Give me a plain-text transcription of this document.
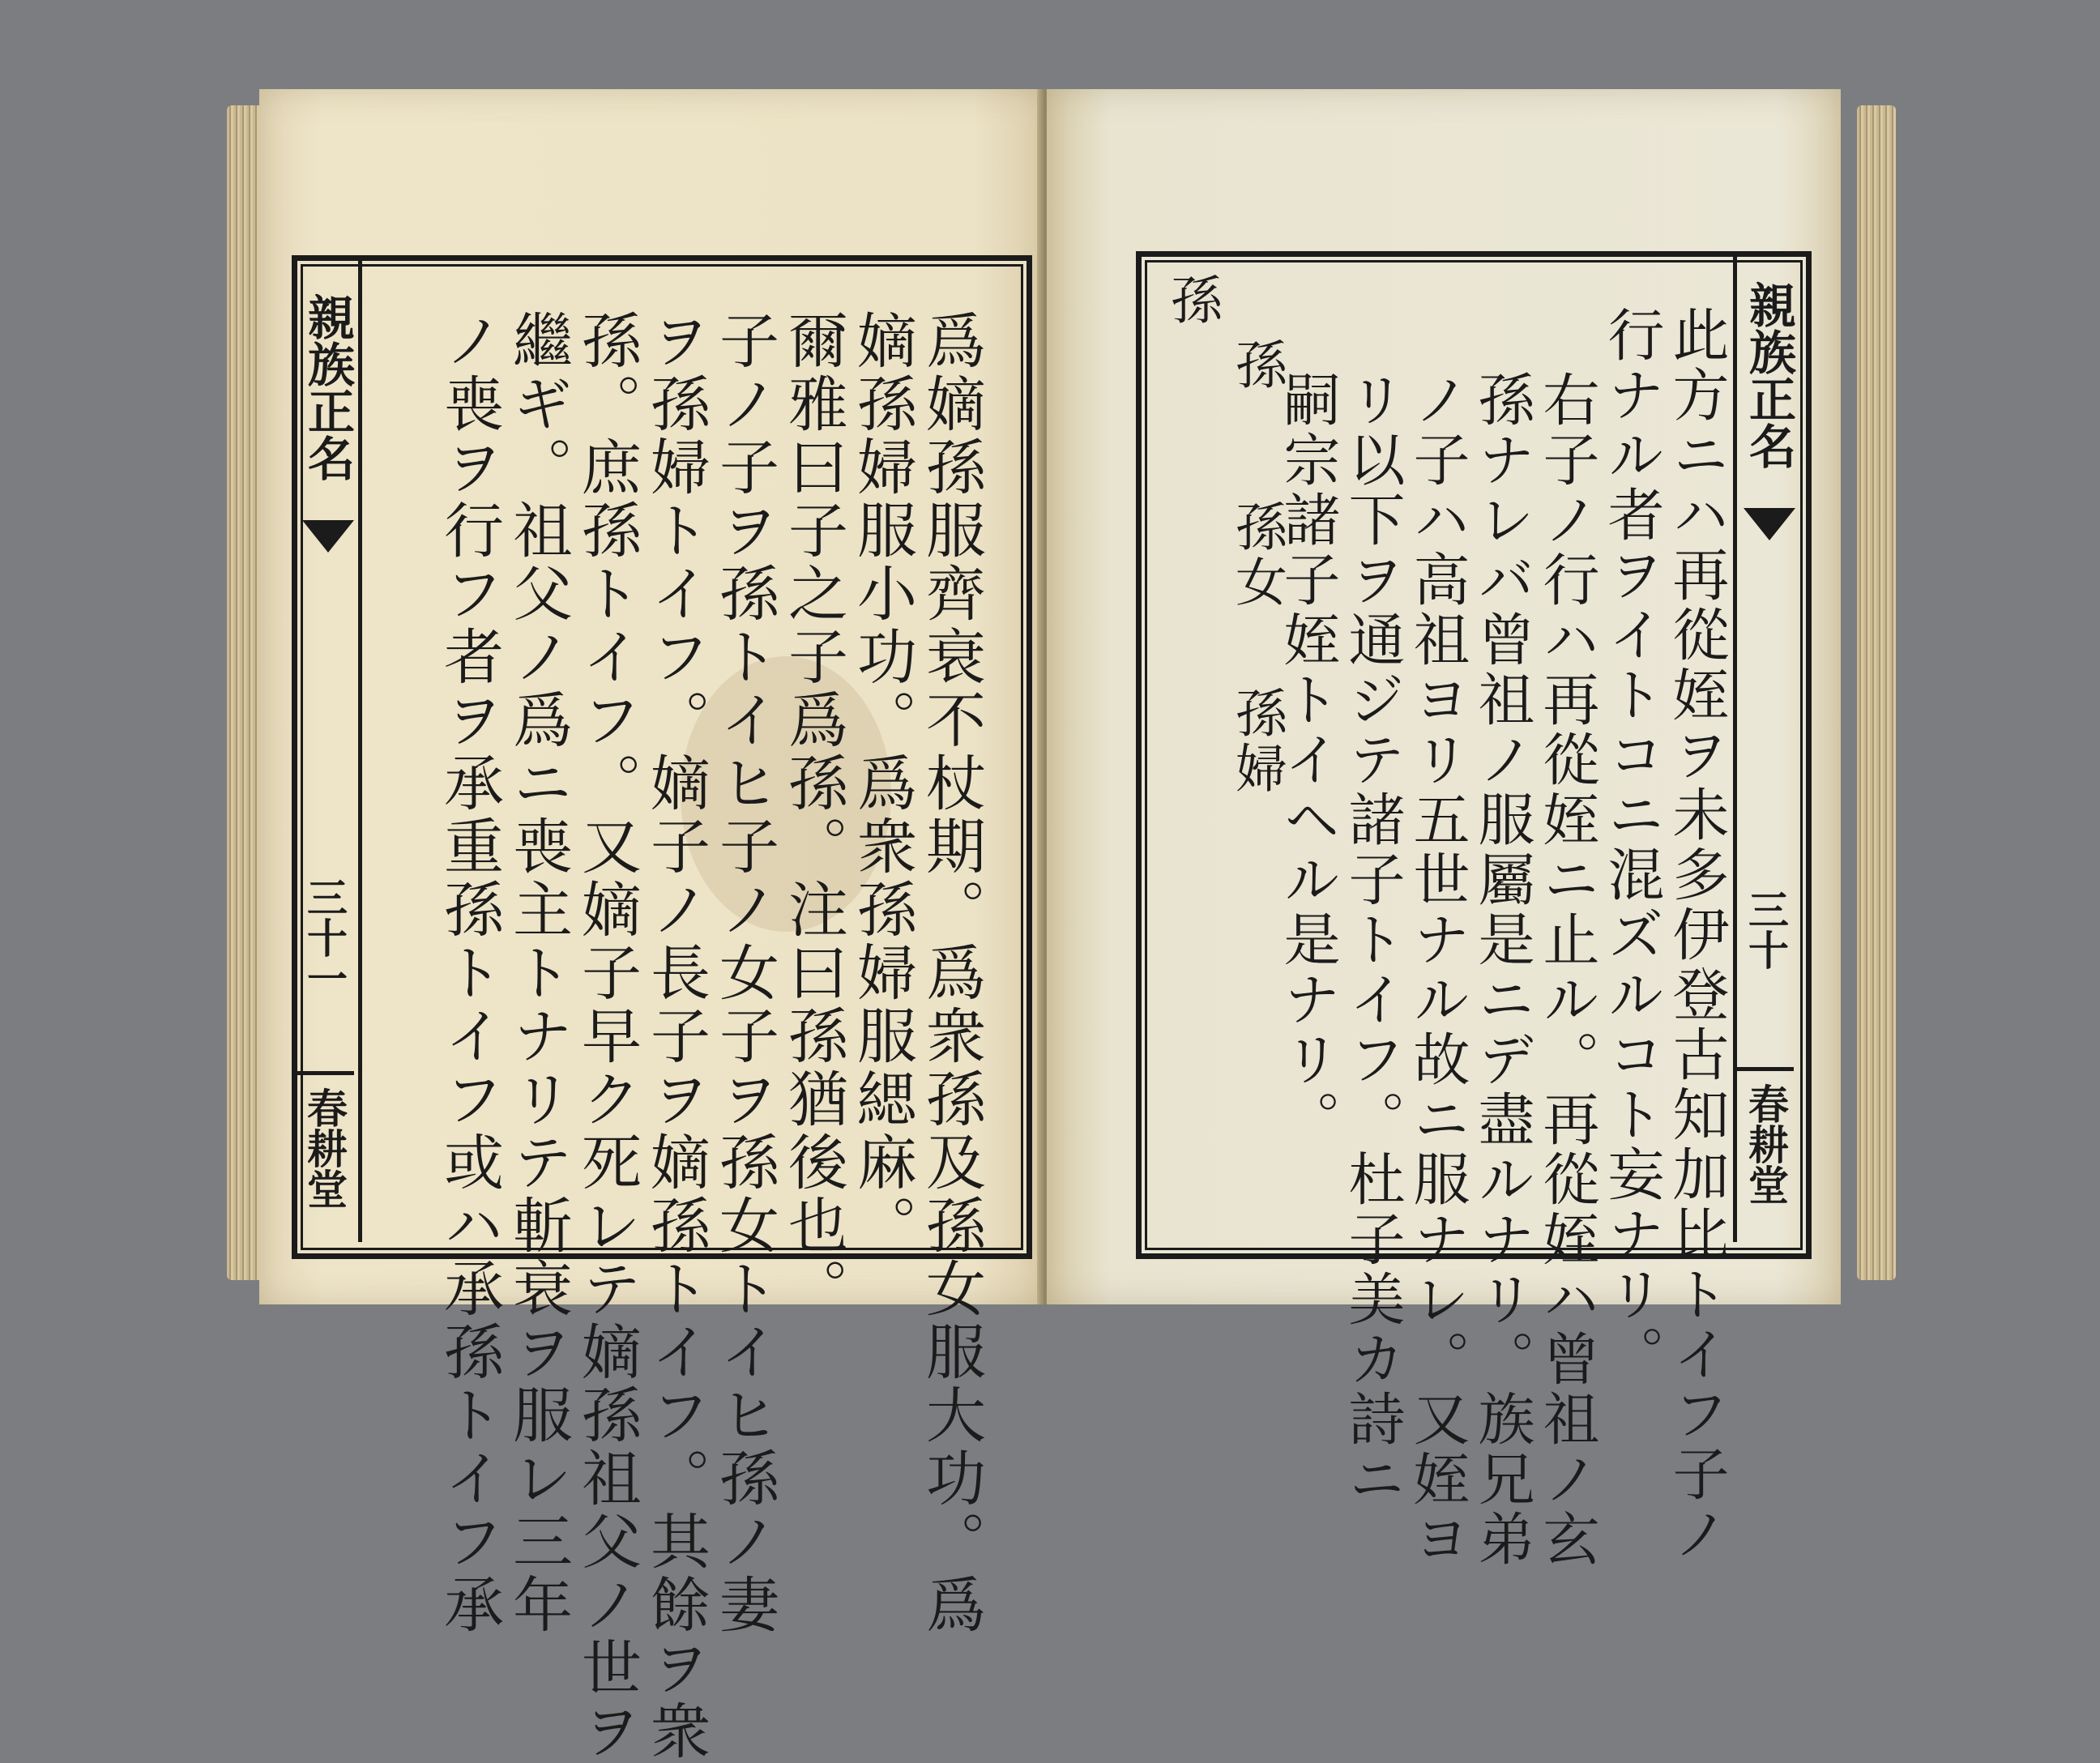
親族正名
三十一
春耕堂	爲嫡孫服齊衰不杖期。爲衆孫及孫女服大功。爲
嫡孫婦服小功。爲衆孫婦服緦麻。
爾雅曰子之子爲孫。注曰孫猶後也。
子ノ子ヲ孫トイヒ子ノ女子ヲ孫女トイヒ孫ノ妻
ヲ孫婦トイフ。嫡子ノ長子ヲ嫡孫トイフ。其餘ヲ衆
孫。庶孫トイフ。又嫡子早ク死レテ嫡孫祖父ノ世ヲ
繼ギ。祖父ノ爲ニ喪主トナリテ斬衰ヲ服レ三年
ノ喪ヲ行フ者ヲ承重孫トイフ或ハ承孫トイフ承
孫
孫
孫女
孫婦	此方ニハ再從姪ヲ未多伊登古知加比トイフ子ノ
行ナル者ヲイトコニ混ズルコト妄ナリ。
右子ノ行ハ再從姪ニ止ル。再從姪ハ曾祖ノ玄
孫ナレバ曾祖ノ服屬是ニデ盡ルナリ。族兄弟
ノ子ハ高祖ヨリ五世ナル故ニ服ナレ。又姪ヨ
リ以下ヲ通ジテ諸子トイフ。杜子美カ詩ニ
嗣宗諸子姪トイヘル是ナリ。	親族正名
三十
春耕堂
